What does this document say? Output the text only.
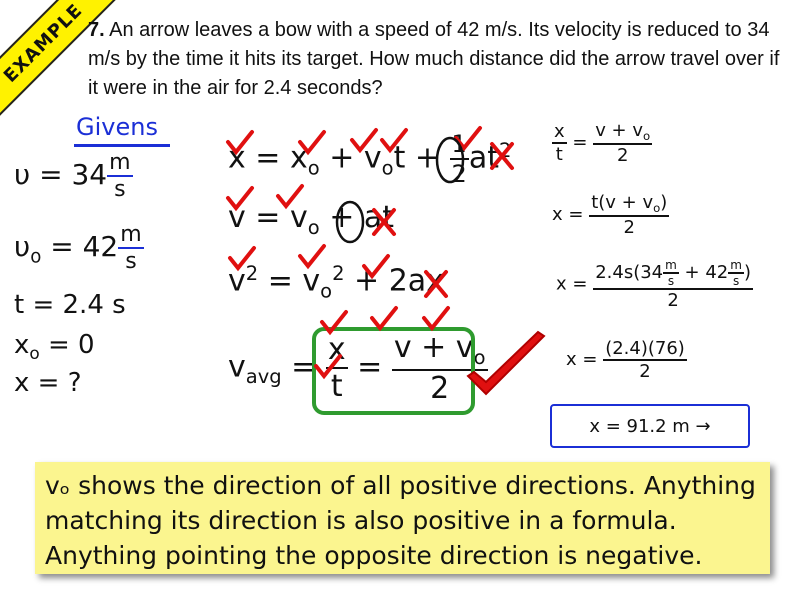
EXAMPLE 7. An arrow leaves a bow with a speed of 42 m/s. Its velocity is reduced to 34 m/s by the time it hits its target. How much distance did the arrow travel over if it were in the air for 2.4 seconds?
Givens
$\upsilon = 34 \frac{m}{s}$
$\upsilon_o = 42 \frac{m}{s}$
t = 2.4 s
$x_o = 0$
x = ?
$x = x_o + v_ot + \frac{1}{2} at^2$
$v = v_o$ + at
$v^2 = v_o^2 + 2ax$
$v_{avg} = \frac{x}{t} = \frac{v + v_o}{2}$
$\frac{x}{t} = \frac{v + v_o}{2}$
$x = \frac{t(v + v_o)}{2}$
$x = \frac{2.4s(34 \frac{m}{s} + 42 \frac{m}{s} )}{2}$
$x = \frac{(2.4)(76)}{2}$
x = 91.2 m →
vₒ shows the direction of all positive directions. Anything matching its direction is also positive in a formula. Anything pointing the opposite direction is negative.
